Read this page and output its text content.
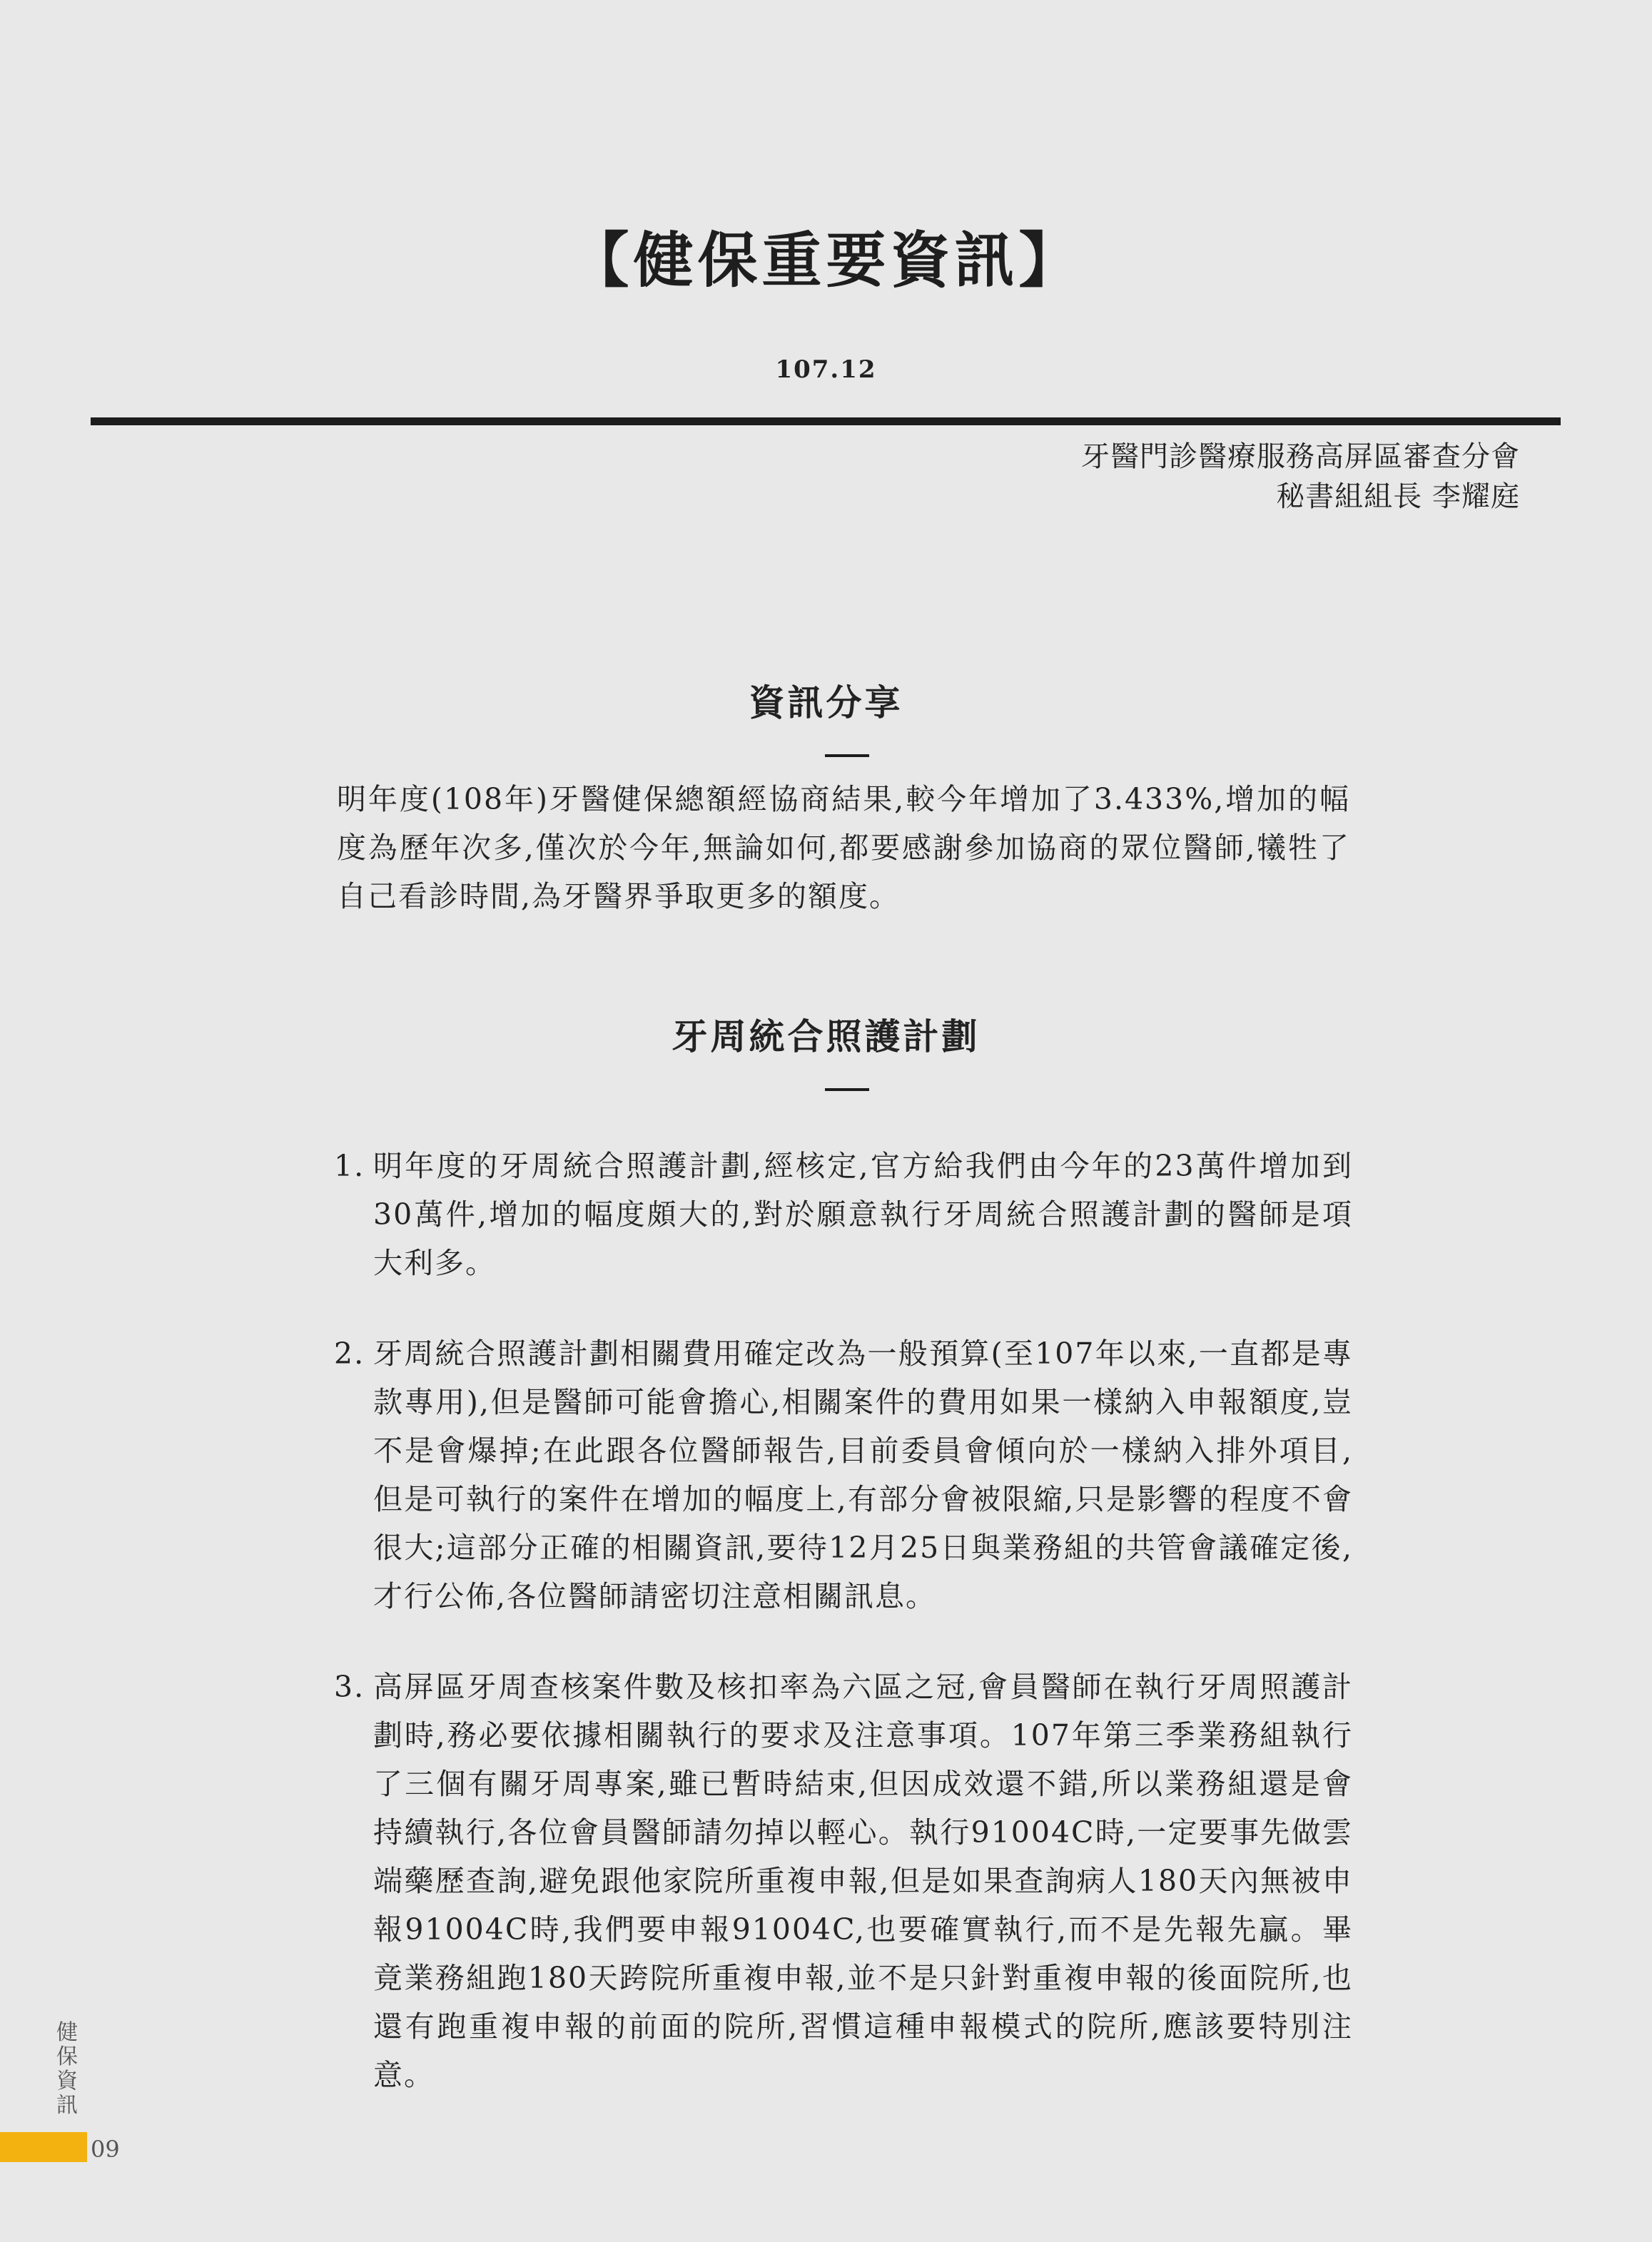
【健保重要資訊】
107.12
牙醫門診醫療服務高屏區審查分會
秘書組組長 李耀庭
資訊分享

明年度(108年)牙醫健保總額經協商結果,較今年增加了3.433%,增加的幅度為歷年次多,僅次於今年,無論如何,都要感謝參加協商的眾位醫師,犧牲了自己看診時間,為牙醫界爭取更多的額度。

牙周統合照護計劃
1. 明年度的牙周統合照護計劃,經核定,官方給我們由今年的23萬件增加到30萬件,增加的幅度頗大的,對於願意執行牙周統合照護計劃的醫師是項大利多。
2. 牙周統合照護計劃相關費用確定改為一般預算(至107年以來,一直都是專款專用),但是醫師可能會擔心,相關案件的費用如果一樣納入申報額度,豈不是會爆掉;在此跟各位醫師報告,目前委員會傾向於一樣納入排外項目,但是可執行的案件在增加的幅度上,有部分會被限縮,只是影響的程度不會很大;這部分正確的相關資訊,要待12月25日與業務組的共管會議確定後,才行公佈,各位醫師請密切注意相關訊息。
3. 高屏區牙周查核案件數及核扣率為六區之冠,會員醫師在執行牙周照護計劃時,務必要依據相關執行的要求及注意事項。107年第三季業務組執行了三個有關牙周專案,雖已暫時結束,但因成效還不錯,所以業務組還是會持續執行,各位會員醫師請勿掉以輕心。執行91004C時,一定要事先做雲端藥歷查詢,避免跟他家院所重複申報,但是如果查詢病人180天內無被申報91004C時,我們要申報91004C,也要確實執行,而不是先報先贏。畢竟業務組跑180天跨院所重複申報,並不是只針對重複申報的後面院所,也還有跑重複申報的前面的院所,習慣這種申報模式的院所,應該要特別注意。
健保資訊
09
